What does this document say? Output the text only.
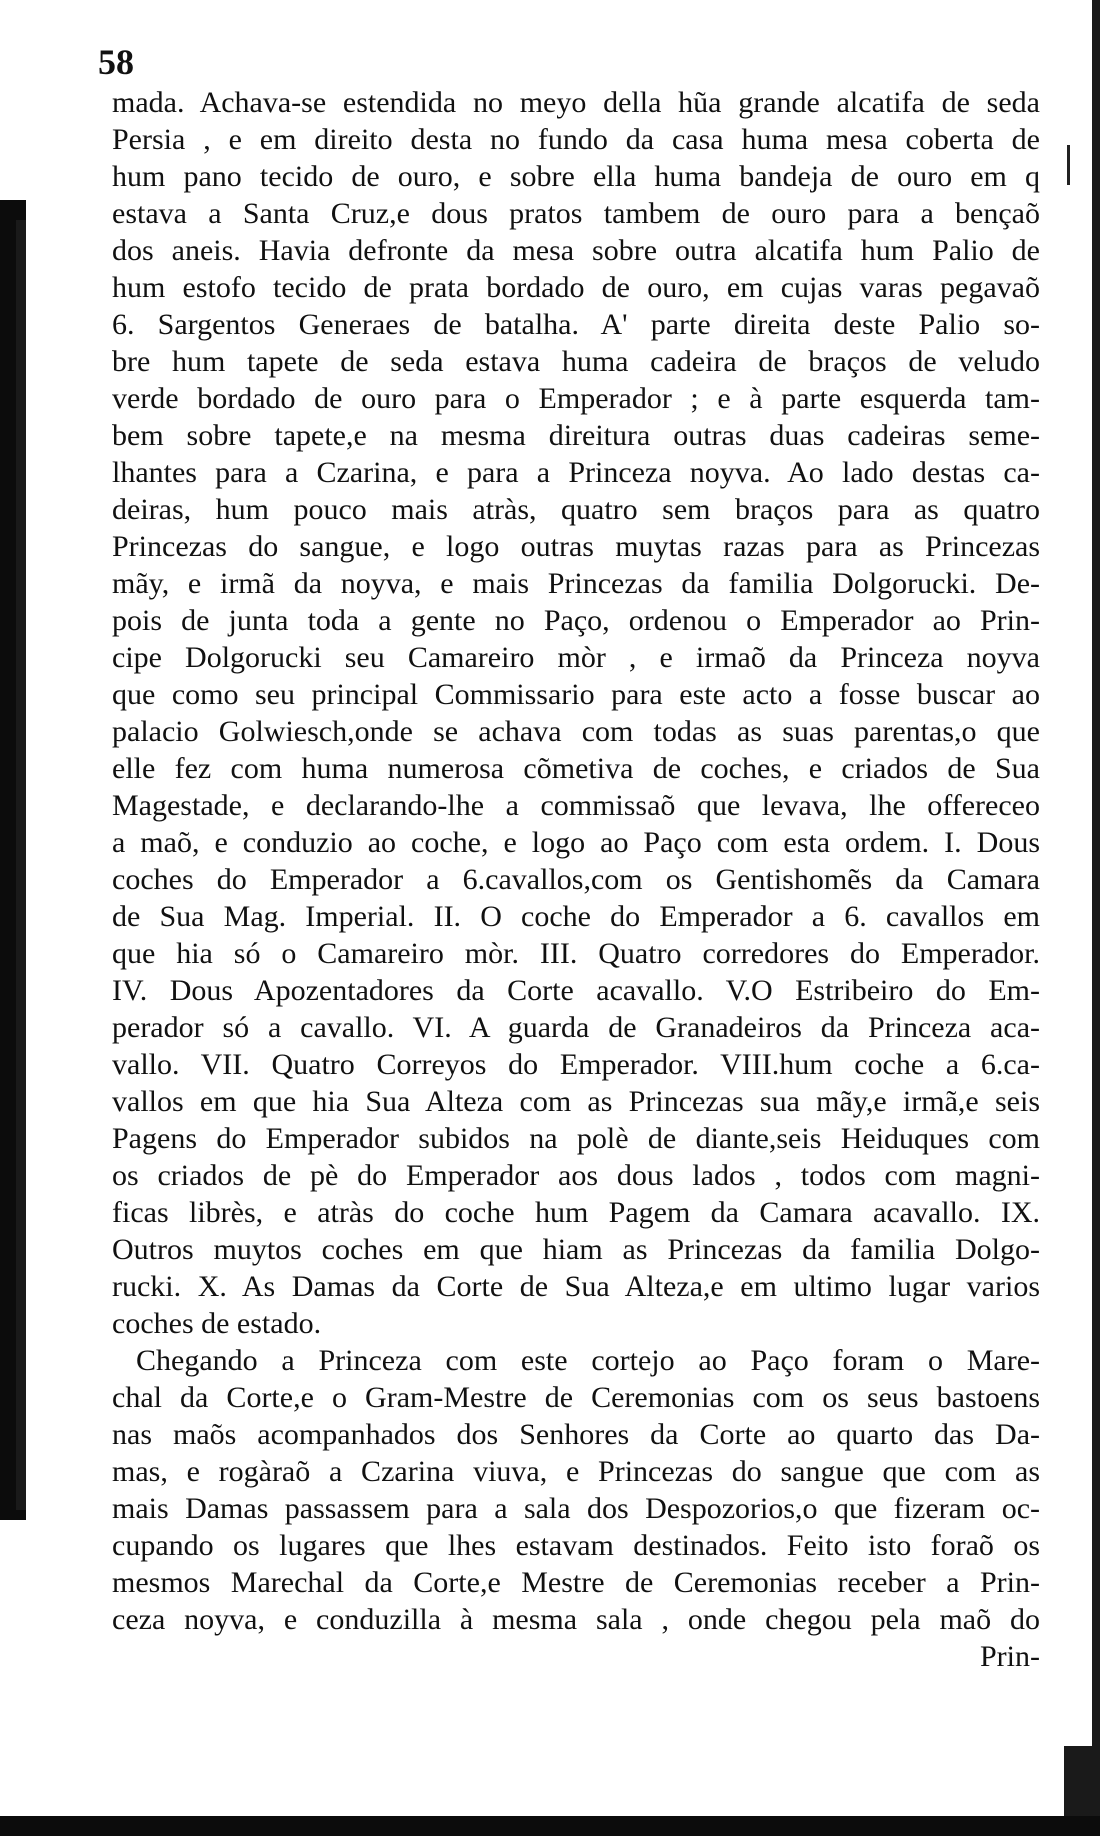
58
mada. Achava-se estendida no meyo della hũa grande alcatifa de seda
Persia , e em direito desta no fundo da casa huma mesa coberta de
hum pano tecido de ouro, e sobre ella huma bandeja de ouro em q
estava a Santa Cruz,e dous pratos tambem de ouro para a bençaõ
dos aneis. Havia defronte da mesa sobre outra alcatifa hum Palio de
hum estofo tecido de prata bordado de ouro, em cujas varas pegavaõ
6. Sargentos Generaes de batalha. A' parte direita deste Palio so-
bre hum tapete de seda estava huma cadeira de braços de veludo
verde bordado de ouro para o Emperador ; e à parte esquerda tam-
bem sobre tapete,e na mesma direitura outras duas cadeiras seme-
lhantes para a Czarina, e para a Princeza noyva. Ao lado destas ca-
deiras, hum pouco mais atràs, quatro sem braços para as quatro
Princezas do sangue, e logo outras muytas razas para as Princezas
mãy, e irmã da noyva, e mais Princezas da familia Dolgorucki. De-
pois de junta toda a gente no Paço, ordenou o Emperador ao Prin-
cipe Dolgorucki seu Camareiro mòr , e irmaõ da Princeza noyva
que como seu principal Commissario para este acto a fosse buscar ao
palacio Golwiesch,onde se achava com todas as suas parentas,o que
elle fez com huma numerosa cõmetiva de coches, e criados de Sua
Magestade, e declarando-lhe a commissaõ que levava, lhe offereceo
a maõ, e conduzio ao coche, e logo ao Paço com esta ordem. I. Dous
coches do Emperador a 6.cavallos,com os Gentishomẽs da Camara
de Sua Mag. Imperial. II. O coche do Emperador a 6. cavallos em
que hia só o Camareiro mòr. III. Quatro corredores do Emperador.
IV. Dous Apozentadores da Corte acavallo. V.O Estribeiro do Em-
perador só a cavallo. VI. A guarda de Granadeiros da Princeza aca-
vallo. VII. Quatro Correyos do Emperador. VIII.hum coche a 6.ca-
vallos em que hia Sua Alteza com as Princezas sua mãy,e irmã,e seis
Pagens do Emperador subidos na polè de diante,seis Heiduques com
os criados de pè do Emperador aos dous lados , todos com magni-
ficas librès, e atràs do coche hum Pagem da Camara acavallo. IX.
Outros muytos coches em que hiam as Princezas da familia Dolgo-
rucki. X. As Damas da Corte de Sua Alteza,e em ultimo lugar varios
coches de estado.
Chegando a Princeza com este cortejo ao Paço foram o Mare-
chal da Corte,e o Gram-Mestre de Ceremonias com os seus bastoens
nas maõs acompanhados dos Senhores da Corte ao quarto das Da-
mas, e rogàraõ a Czarina viuva, e Princezas do sangue que com as
mais Damas passassem para a sala dos Despozorios,o que fizeram oc-
cupando os lugares que lhes estavam destinados. Feito isto foraõ os
mesmos Marechal da Corte,e Mestre de Ceremonias receber a Prin-
ceza noyva, e conduzilla à mesma sala , onde chegou pela maõ do
Prin-
